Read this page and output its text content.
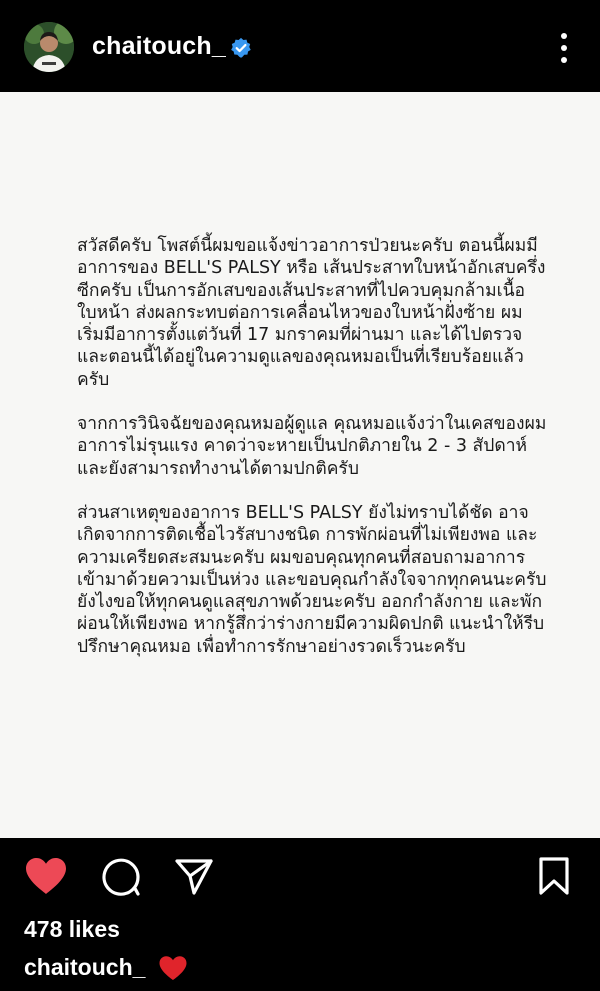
chaitouch_

สวัสดีครับ โพสต์นี้ผมขอแจ้งข่าวอาการป่วยนะครับ ตอนนี้ผมมีอาการของ BELL'S PALSY หรือ เส้นประสาทใบหน้าอักเสบครึ่งซีกครับ เป็นการอักเสบของเส้นประสาทที่ไปควบคุมกล้ามเนื้อใบหน้า ส่งผลกระทบต่อการเคลื่อนไหวของใบหน้าฝั่งซ้าย ผมเริ่มมีอาการตั้งแต่วันที่ 17 มกราคมที่ผ่านมา และได้ไปตรวจและตอนนี้ได้อยู่ในความดูแลของคุณหมอเป็นที่เรียบร้อยแล้วครับ

จากการวินิจฉัยของคุณหมอผู้ดูแล คุณหมอแจ้งว่าในเคสของผม อาการไม่รุนแรง คาดว่าจะหายเป็นปกติภายใน 2 - 3 สัปดาห์ และยังสามารถทำงานได้ตามปกติครับ

ส่วนสาเหตุของอาการ BELL'S PALSY ยังไม่ทราบได้ชัด อาจเกิดจากการติดเชื้อไวรัสบางชนิด การพักผ่อนที่ไม่เพียงพอ และความเครียดสะสมนะครับ ผมขอบคุณทุกคนที่สอบถามอาการเข้ามาด้วยความเป็นห่วง และขอบคุณกำลังใจจากทุกคนนะครับ ยังไงขอให้ทุกคนดูแลสุขภาพด้วยนะครับ ออกกำลังกาย และพักผ่อนให้เพียงพอ หากรู้สึกว่าร่างกายมีความผิดปกติ แนะนำให้รีบปรึกษาคุณหมอ เพื่อทำการรักษาอย่างรวดเร็วนะครับ

478 likes
chaitouch_
